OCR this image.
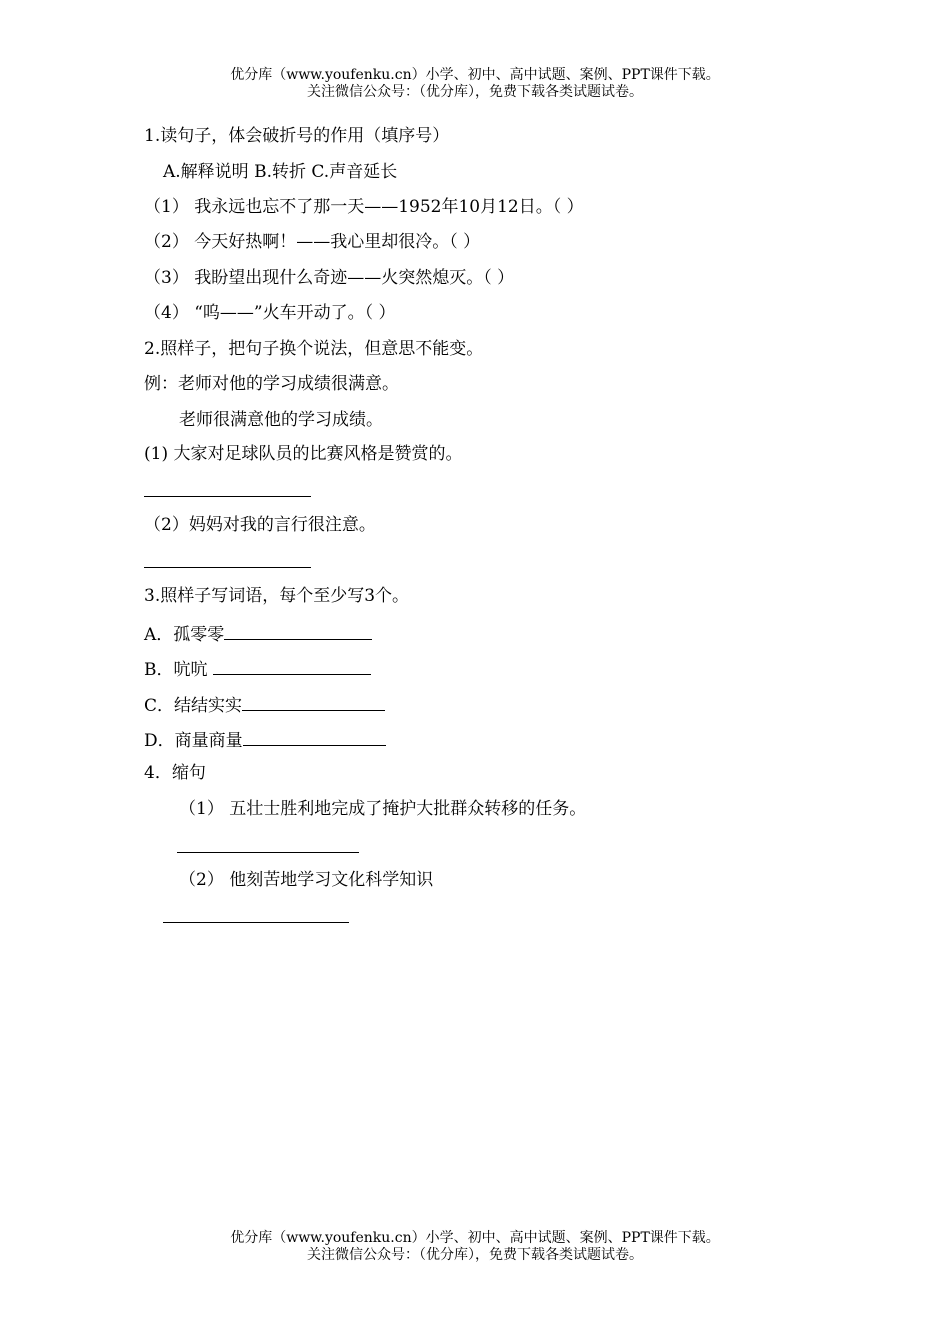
优分库（www.youfenku.cn）小学、初中、高中试题、案例、PPT课件下载。
关注微信公众号：（优分库），免费下载各类试题试卷。
1.读句子，体会破折号的作用（填序号）
A.解释说明 B.转折 C.声音延长
（1） 我永远也忘不了那一天——1952年10月12日。（ ）
（2） 今天好热啊！——我心里却很冷。（ ）
（3） 我盼望出现什么奇迹——火突然熄灭。（ ）
（4） “呜——”火车开动了。（ ）
2.照样子，把句子换个说法，但意思不能变。
例：老师对他的学习成绩很满意。
老师很满意他的学习成绩。
(1) 大家对足球队员的比赛风格是赞赏的。
（2）妈妈对我的言行很注意。
3.照样子写词语，每个至少写3个。
A．孤零零
B．吭吭
C．结结实实
D．商量商量
4．缩句
（1） 五壮士胜利地完成了掩护大批群众转移的任务。
（2） 他刻苦地学习文化科学知识
优分库（www.youfenku.cn）小学、初中、高中试题、案例、PPT课件下载。
关注微信公众号：（优分库），免费下载各类试题试卷。
